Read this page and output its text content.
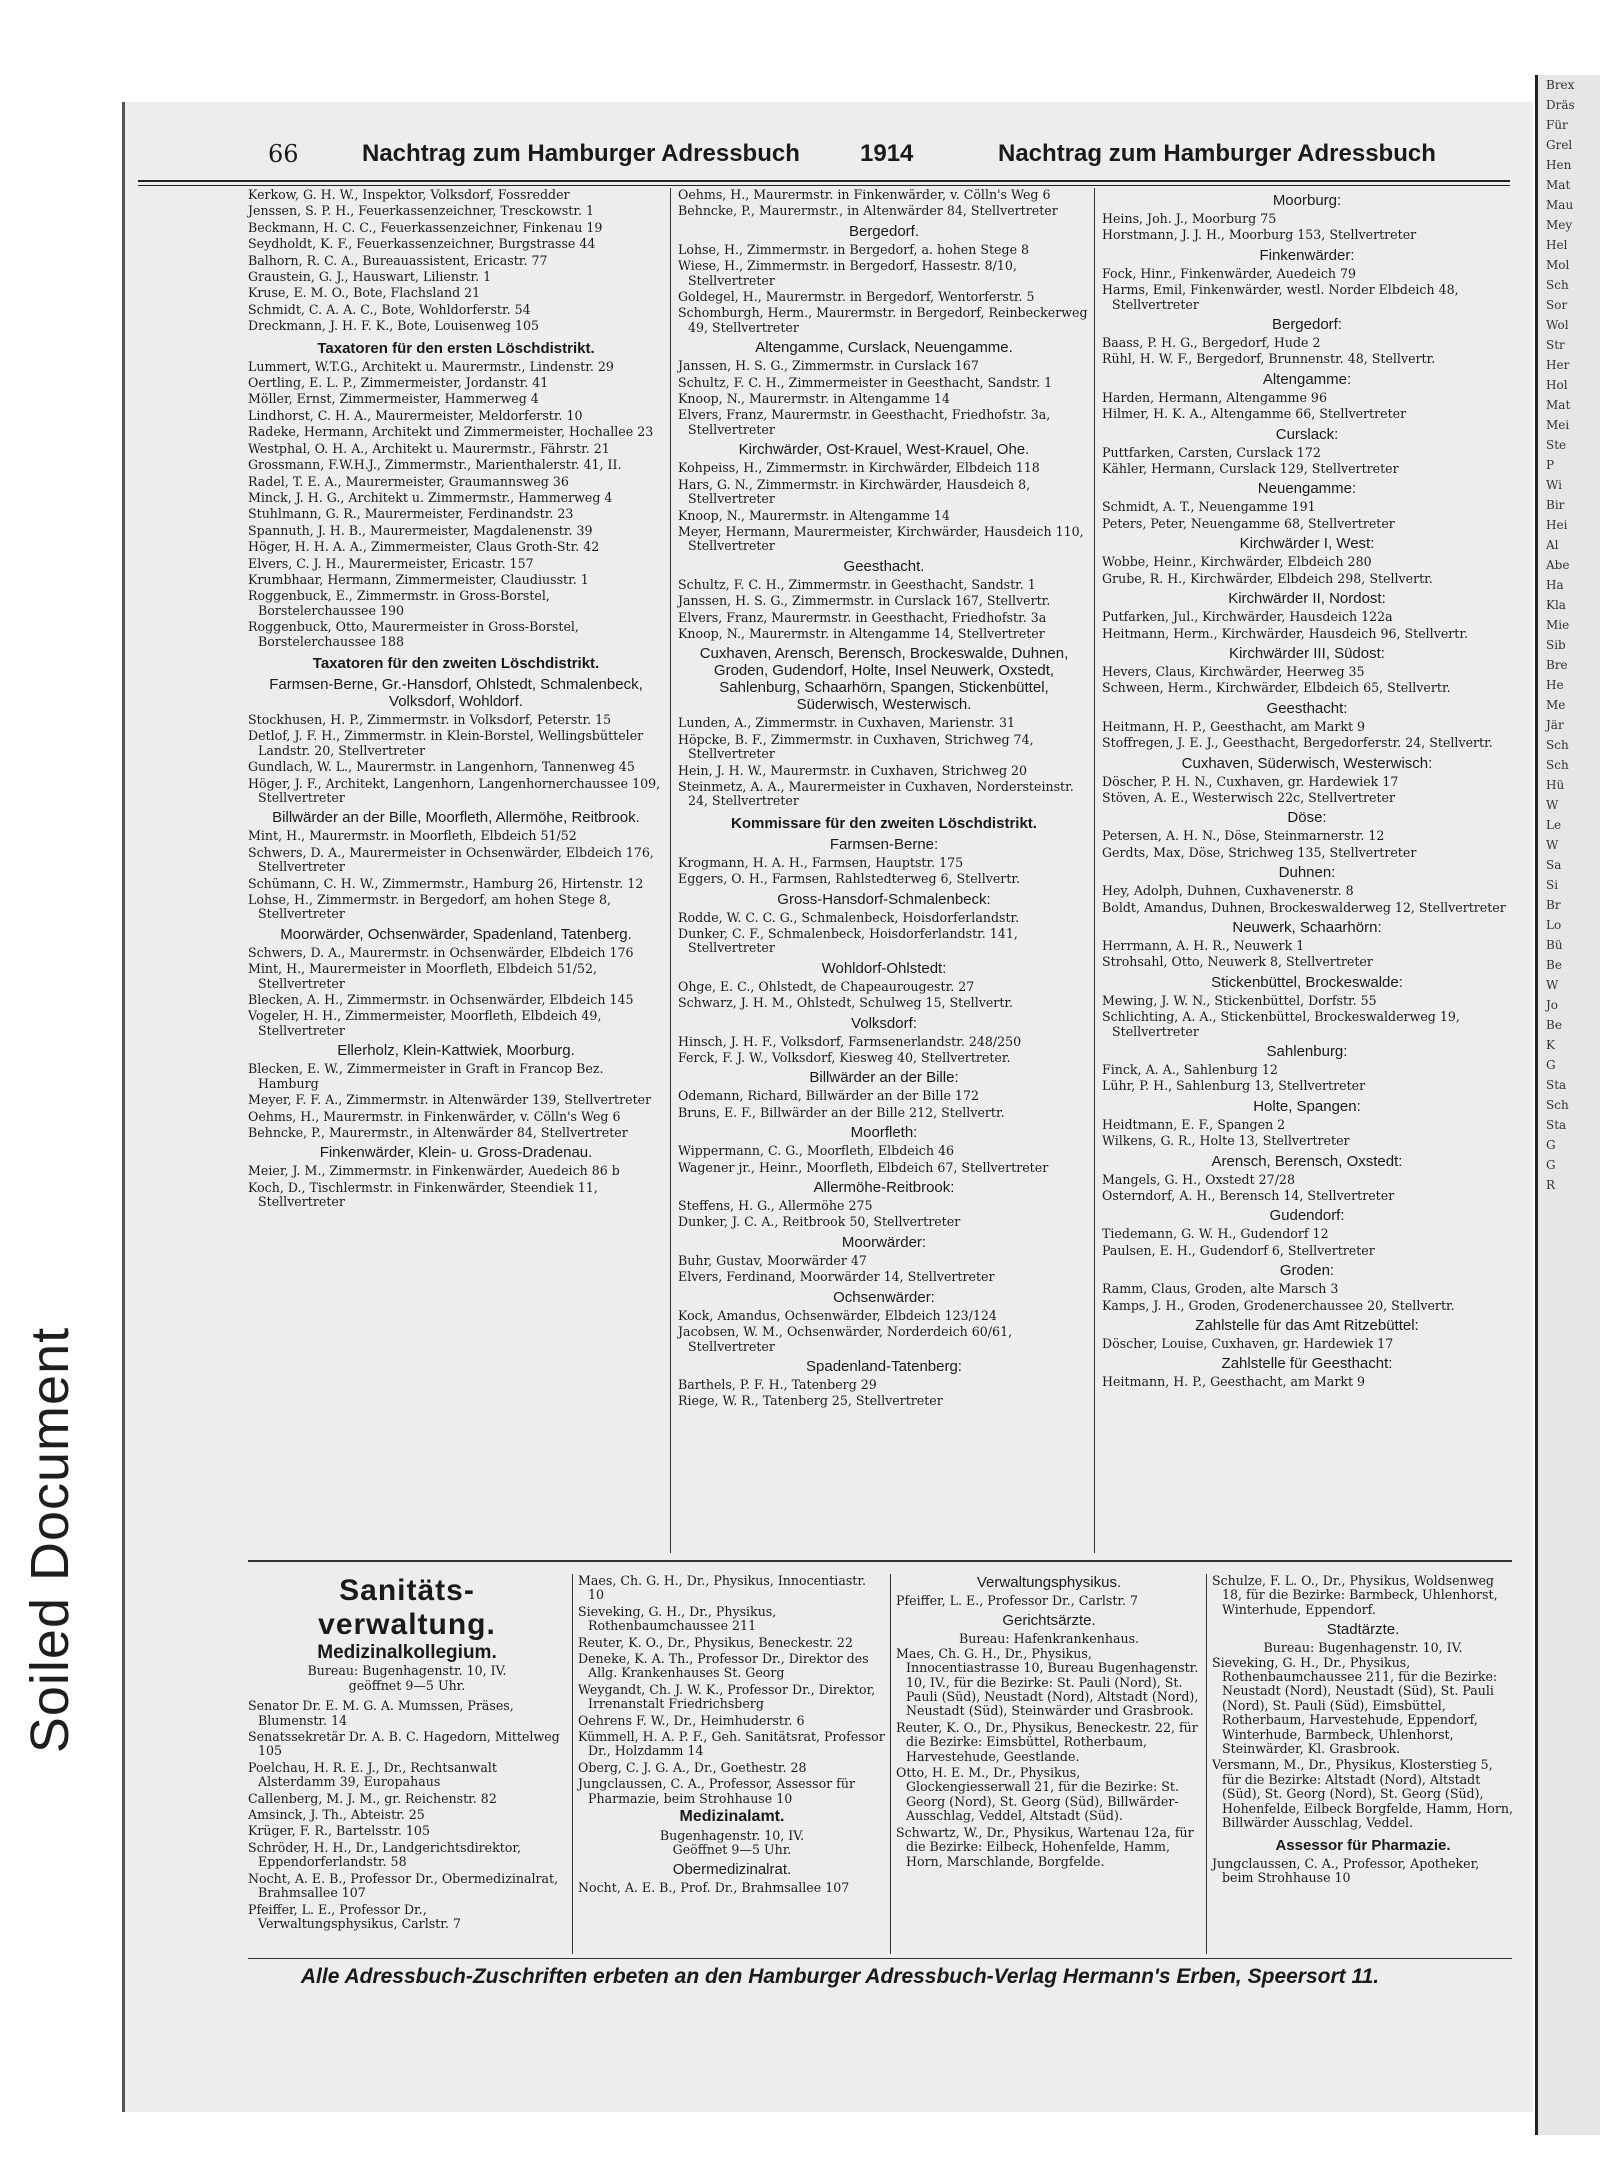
Soiled Document
Brex
Dräs
Für
Grel
Hen
Mat
Mau
Mey
Hel
Mol
Sch
Sor
Wol
Str
Her
Hol
Mat
Mei
Ste
P
Wi
Bir
Hei
Al
Abe
Ha
Kla
Mie
Sib
Bre
He
Me
Jär
Sch
Sch
Hü
W
Le
W
Sa
Si
Br
Lo
Bü
Be
W
Jo
Be
K
G
Sta
Sch
Sta
G
G
R
66	Nachtrag zum Hamburger Adressbuch	1914	Nachtrag zum Hamburger Adressbuch

Kerkow, G. H. W., Inspektor, Volksdorf, Fossredder

Jenssen, S. P. H., Feuerkassenzeichner, Tresckowstr. 1

Beckmann, H. C. C., Feuerkassenzeichner, Finkenau 19

Seydholdt, K. F., Feuerkassenzeichner, Burgstrasse 44

Balhorn, R. C. A., Bureauassistent, Ericastr. 77

Graustein, G. J., Hauswart, Lilienstr. 1

Kruse, E. M. O., Bote, Flachsland 21

Schmidt, C. A. A. C., Bote, Wohldorferstr. 54

Dreckmann, J. H. F. K., Bote, Louisenweg 105

Taxatoren für den ersten Löschdistrikt.

Lummert, W.T.G., Architekt u. Maurermstr., Lindenstr. 29

Oertling, E. L. P., Zimmermeister, Jordanstr. 41

Möller, Ernst, Zimmermeister, Hammerweg 4

Lindhorst, C. H. A., Maurermeister, Meldorferstr. 10

Radeke, Hermann, Architekt und Zimmermeister, Hochallee 23

Westphal, O. H. A., Architekt u. Maurermstr., Fährstr. 21

Grossmann, F.W.H.J., Zimmermstr., Marienthalerstr. 41, II.

Radel, T. E. A., Maurermeister, Graumannsweg 36

Minck, J. H. G., Architekt u. Zimmermstr., Hammerweg 4

Stuhlmann, G. R., Maurermeister, Ferdinandstr. 23

Spannuth, J. H. B., Maurermeister, Magdalenenstr. 39

Höger, H. H. A. A., Zimmermeister, Claus Groth-Str. 42

Elvers, C. J. H., Maurermeister, Ericastr. 157

Krumbhaar, Hermann, Zimmermeister, Claudiusstr. 1

Roggenbuck, E., Zimmermstr. in Gross-Borstel, Borstelerchaussee 190

Roggenbuck, Otto, Maurermeister in Gross-Borstel, Borstelerchaussee 188

Taxatoren für den zweiten Löschdistrikt.
Farmsen-Berne, Gr.-Hansdorf, Ohlstedt, Schmalenbeck, Volksdorf, Wohldorf.

Stockhusen, H. P., Zimmermstr. in Volksdorf, Peterstr. 15

Detlof, J. F. H., Zimmermstr. in Klein-Borstel, Wellingsbütteler Landstr. 20, Stellvertreter

Gundlach, W. L., Maurermstr. in Langenhorn, Tannenweg 45

Höger, J. F., Architekt, Langenhorn, Langenhornerchaussee 109, Stellvertreter

Billwärder an der Bille, Moorfleth, Allermöhe, Reitbrook.

Mint, H., Maurermstr. in Moorfleth, Elbdeich 51/52

Schwers, D. A., Maurermeister in Ochsenwärder, Elbdeich 176, Stellvertreter

Schümann, C. H. W., Zimmermstr., Hamburg 26, Hirtenstr. 12

Lohse, H., Zimmermstr. in Bergedorf, am hohen Stege 8, Stellvertreter

Moorwärder, Ochsenwärder, Spadenland, Tatenberg.

Schwers, D. A., Maurermstr. in Ochsenwärder, Elbdeich 176

Mint, H., Maurermeister in Moorfleth, Elbdeich 51/52, Stellvertreter

Blecken, A. H., Zimmermstr. in Ochsenwärder, Elbdeich 145

Vogeler, H. H., Zimmermeister, Moorfleth, Elbdeich 49, Stellvertreter

Ellerholz, Klein-Kattwiek, Moorburg.

Blecken, E. W., Zimmermeister in Graft in Francop Bez. Hamburg

Meyer, F. F. A., Zimmermstr. in Altenwärder 139, Stellvertreter

Oehms, H., Maurermstr. in Finkenwärder, v. Cölln's Weg 6

Behncke, P., Maurermstr., in Altenwärder 84, Stellvertreter

Finkenwärder, Klein- u. Gross-Dradenau.

Meier, J. M., Zimmermstr. in Finkenwärder, Auedeich 86 b

Koch, D., Tischlermstr. in Finkenwärder, Steendiek 11, Stellvertreter

Oehms, H., Maurermstr. in Finkenwärder, v. Cölln's Weg 6

Behncke, P., Maurermstr., in Altenwärder 84, Stellvertreter

Bergedorf.

Lohse, H., Zimmermstr. in Bergedorf, a. hohen Stege 8

Wiese, H., Zimmermstr. in Bergedorf, Hassestr. 8/10, Stellvertreter

Goldegel, H., Maurermstr. in Bergedorf, Wentorferstr. 5

Schomburgh, Herm., Maurermstr. in Bergedorf, Reinbeckerweg 49, Stellvertreter

Altengamme, Curslack, Neuengamme.

Janssen, H. S. G., Zimmermstr. in Curslack 167

Schultz, F. C. H., Zimmermeister in Geesthacht, Sandstr. 1

Knoop, N., Maurermstr. in Altengamme 14

Elvers, Franz, Maurermstr. in Geesthacht, Friedhofstr. 3a, Stellvertreter

Kirchwärder, Ost-Krauel, West-Krauel, Ohe.

Kohpeiss, H., Zimmermstr. in Kirchwärder, Elbdeich 118

Hars, G. N., Zimmermstr. in Kirchwärder, Hausdeich 8, Stellvertreter

Knoop, N., Maurermstr. in Altengamme 14

Meyer, Hermann, Maurermeister, Kirchwärder, Hausdeich 110, Stellvertreter

Geesthacht.

Schultz, F. C. H., Zimmermstr. in Geesthacht, Sandstr. 1

Janssen, H. S. G., Zimmermstr. in Curslack 167, Stellvertr.

Elvers, Franz, Maurermstr. in Geesthacht, Friedhofstr. 3a

Knoop, N., Maurermstr. in Altengamme 14, Stellvertreter

Cuxhaven, Arensch, Berensch, Brockeswalde, Duhnen, Groden, Gudendorf, Holte, Insel Neuwerk, Oxstedt, Sahlenburg, Schaarhörn, Spangen, Stickenbüttel, Süderwisch, Westerwisch.

Lunden, A., Zimmermstr. in Cuxhaven, Marienstr. 31

Höpcke, B. F., Zimmermstr. in Cuxhaven, Strichweg 74, Stellvertreter

Hein, J. H. W., Maurermstr. in Cuxhaven, Strichweg 20

Steinmetz, A. A., Maurermeister in Cuxhaven, Nordersteinstr. 24, Stellvertreter

Kommissare für den zweiten Löschdistrikt.
Farmsen-Berne:

Krogmann, H. A. H., Farmsen, Hauptstr. 175

Eggers, O. H., Farmsen, Rahlstedterweg 6, Stellvertr.

Gross-Hansdorf-Schmalenbeck:

Rodde, W. C. C. G., Schmalenbeck, Hoisdorferlandstr.

Dunker, C. F., Schmalenbeck, Hoisdorferlandstr. 141, Stellvertreter

Wohldorf-Ohlstedt:

Ohge, E. C., Ohlstedt, de Chapeaurougestr. 27

Schwarz, J. H. M., Ohlstedt, Schulweg 15, Stellvertr.

Volksdorf:

Hinsch, J. H. F., Volksdorf, Farmsenerlandstr. 248/250

Ferck, F. J. W., Volksdorf, Kiesweg 40, Stellvertreter.

Billwärder an der Bille:

Odemann, Richard, Billwärder an der Bille 172

Bruns, E. F., Billwärder an der Bille 212, Stellvertr.

Moorfleth:

Wippermann, C. G., Moorfleth, Elbdeich 46

Wagener jr., Heinr., Moorfleth, Elbdeich 67, Stellvertreter

Allermöhe-Reitbrook:

Steffens, H. G., Allermöhe 275

Dunker, J. C. A., Reitbrook 50, Stellvertreter

Moorwärder:

Buhr, Gustav, Moorwärder 47

Elvers, Ferdinand, Moorwärder 14, Stellvertreter

Ochsenwärder:

Kock, Amandus, Ochsenwärder, Elbdeich 123/124

Jacobsen, W. M., Ochsenwärder, Norderdeich 60/61, Stellvertreter

Spadenland-Tatenberg:

Barthels, P. F. H., Tatenberg 29

Riege, W. R., Tatenberg 25, Stellvertreter

Moorburg:

Heins, Joh. J., Moorburg 75

Horstmann, J. J. H., Moorburg 153, Stellvertreter

Finkenwärder:

Fock, Hinr., Finkenwärder, Auedeich 79

Harms, Emil, Finkenwärder, westl. Norder Elbdeich 48, Stellvertreter

Bergedorf:

Baass, P. H. G., Bergedorf, Hude 2

Rühl, H. W. F., Bergedorf, Brunnenstr. 48, Stellvertr.

Altengamme:

Harden, Hermann, Altengamme 96

Hilmer, H. K. A., Altengamme 66, Stellvertreter

Curslack:

Puttfarken, Carsten, Curslack 172

Kähler, Hermann, Curslack 129, Stellvertreter

Neuengamme:

Schmidt, A. T., Neuengamme 191

Peters, Peter, Neuengamme 68, Stellvertreter

Kirchwärder I, West:

Wobbe, Heinr., Kirchwärder, Elbdeich 280

Grube, R. H., Kirchwärder, Elbdeich 298, Stellvertr.

Kirchwärder II, Nordost:

Putfarken, Jul., Kirchwärder, Hausdeich 122a

Heitmann, Herm., Kirchwärder, Hausdeich 96, Stellvertr.

Kirchwärder III, Südost:

Hevers, Claus, Kirchwärder, Heerweg 35

Schween, Herm., Kirchwärder, Elbdeich 65, Stellvertr.

Geesthacht:

Heitmann, H. P., Geesthacht, am Markt 9

Stoffregen, J. E. J., Geesthacht, Bergedorferstr. 24, Stellvertr.

Cuxhaven, Süderwisch, Westerwisch:

Döscher, P. H. N., Cuxhaven, gr. Hardewiek 17

Stöven, A. E., Westerwisch 22c, Stellvertreter

Döse:

Petersen, A. H. N., Döse, Steinmarnerstr. 12

Gerdts, Max, Döse, Strichweg 135, Stellvertreter

Duhnen:

Hey, Adolph, Duhnen, Cuxhavenerstr. 8

Boldt, Amandus, Duhnen, Brockeswalderweg 12, Stellvertreter

Neuwerk, Schaarhörn:

Herrmann, A. H. R., Neuwerk 1

Strohsahl, Otto, Neuwerk 8, Stellvertreter

Stickenbüttel, Brockeswalde:

Mewing, J. W. N., Stickenbüttel, Dorfstr. 55

Schlichting, A. A., Stickenbüttel, Brockeswalderweg 19, Stellvertreter

Sahlenburg:

Finck, A. A., Sahlenburg 12

Lühr, P. H., Sahlenburg 13, Stellvertreter

Holte, Spangen:

Heidtmann, E. F., Spangen 2

Wilkens, G. R., Holte 13, Stellvertreter

Arensch, Berensch, Oxstedt:

Mangels, G. H., Oxstedt 27/28

Osterndorf, A. H., Berensch 14, Stellvertreter

Gudendorf:

Tiedemann, G. W. H., Gudendorf 12

Paulsen, E. H., Gudendorf 6, Stellvertreter

Groden:

Ramm, Claus, Groden, alte Marsch 3

Kamps, J. H., Groden, Grodenerchaussee 20, Stellvertr.

Zahlstelle für das Amt Ritzebüttel:

Döscher, Louise, Cuxhaven, gr. Hardewiek 17

Zahlstelle für Geesthacht:

Heitmann, H. P., Geesthacht, am Markt 9

Sanitäts-
verwaltung.
Medizinalkollegium.
Bureau: Bugenhagenstr. 10, IV.
geöffnet 9—5 Uhr.

Senator Dr. E. M. G. A. Mumssen, Präses, Blumenstr. 14

Senatssekretär Dr. A. B. C. Hagedorn, Mittelweg 105

Poelchau, H. R. E. J., Dr., Rechtsanwalt Alsterdamm 39, Europahaus

Callenberg, M. J. M., gr. Reichenstr. 82

Amsinck, J. Th., Abteistr. 25

Krüger, F. R., Bartelsstr. 105

Schröder, H. H., Dr., Landgerichtsdirektor, Eppendorferlandstr. 58

Nocht, A. E. B., Professor Dr., Obermedizinalrat, Brahmsallee 107

Pfeiffer, L. E., Professor Dr., Verwaltungsphysikus, Carlstr. 7

Maes, Ch. G. H., Dr., Physikus, Innocentiastr. 10

Sieveking, G. H., Dr., Physikus, Rothenbaumchaussee 211

Reuter, K. O., Dr., Physikus, Beneckestr. 22

Deneke, K. A. Th., Professor Dr., Direktor des Allg. Krankenhauses St. Georg

Weygandt, Ch. J. W. K., Professor Dr., Direktor, Irrenanstalt Friedrichsberg

Oehrens F. W., Dr., Heimhuderstr. 6

Kümmell, H. A. P. F., Geh. Sanitätsrat, Professor Dr., Holzdamm 14

Oberg, C. J. G. A., Dr., Goethestr. 28

Jungclaussen, C. A., Professor, Assessor für Pharmazie, beim Strohhause 10

Medizinalamt.
Bugenhagenstr. 10, IV.
Geöffnet 9—5 Uhr.
Obermedizinalrat.

Nocht, A. E. B., Prof. Dr., Brahmsallee 107

Verwaltungsphysikus.

Pfeiffer, L. E., Professor Dr., Carlstr. 7

Gerichtsärzte.
Bureau: Hafenkrankenhaus.

Maes, Ch. G. H., Dr., Physikus, Innocentiastrasse 10, Bureau Bugenhagenstr. 10, IV., für die Bezirke: St. Pauli (Nord), St. Pauli (Süd), Neustadt (Nord), Altstadt (Nord), Neustadt (Süd), Steinwärder und Grasbrook.

Reuter, K. O., Dr., Physikus, Beneckestr. 22, für die Bezirke: Eimsbüttel, Rotherbaum, Harvestehude, Geestlande.

Otto, H. E. M., Dr., Physikus, Glockengiesserwall 21, für die Bezirke: St. Georg (Nord), St. Georg (Süd), Billwärder-Ausschlag, Veddel, Altstadt (Süd).

Schwartz, W., Dr., Physikus, Wartenau 12a, für die Bezirke: Eilbeck, Hohenfelde, Hamm, Horn, Marschlande, Borgfelde.

Schulze, F. L. O., Dr., Physikus, Woldsenweg 18, für die Bezirke: Barmbeck, Uhlenhorst, Winterhude, Eppendorf.

Stadtärzte.
Bureau: Bugenhagenstr. 10, IV.

Sieveking, G. H., Dr., Physikus, Rothenbaumchaussee 211, für die Bezirke: Neustadt (Nord), Neustadt (Süd), St. Pauli (Nord), St. Pauli (Süd), Eimsbüttel, Rotherbaum, Harvestehude, Eppendorf, Winterhude, Barmbeck, Uhlenhorst, Steinwärder, Kl. Grasbrook.

Versmann, M., Dr., Physikus, Klosterstieg 5, für die Bezirke: Altstadt (Nord), Altstadt (Süd), St. Georg (Nord), St. Georg (Süd), Hohenfelde, Eilbeck Borgfelde, Hamm, Horn, Billwärder Ausschlag, Veddel.

Assessor für Pharmazie.

Jungclaussen, C. A., Professor, Apotheker, beim Strohhause 10

Alle Adressbuch-Zuschriften erbeten an den Hamburger Adressbuch-Verlag Hermann's Erben, Speersort 11.
